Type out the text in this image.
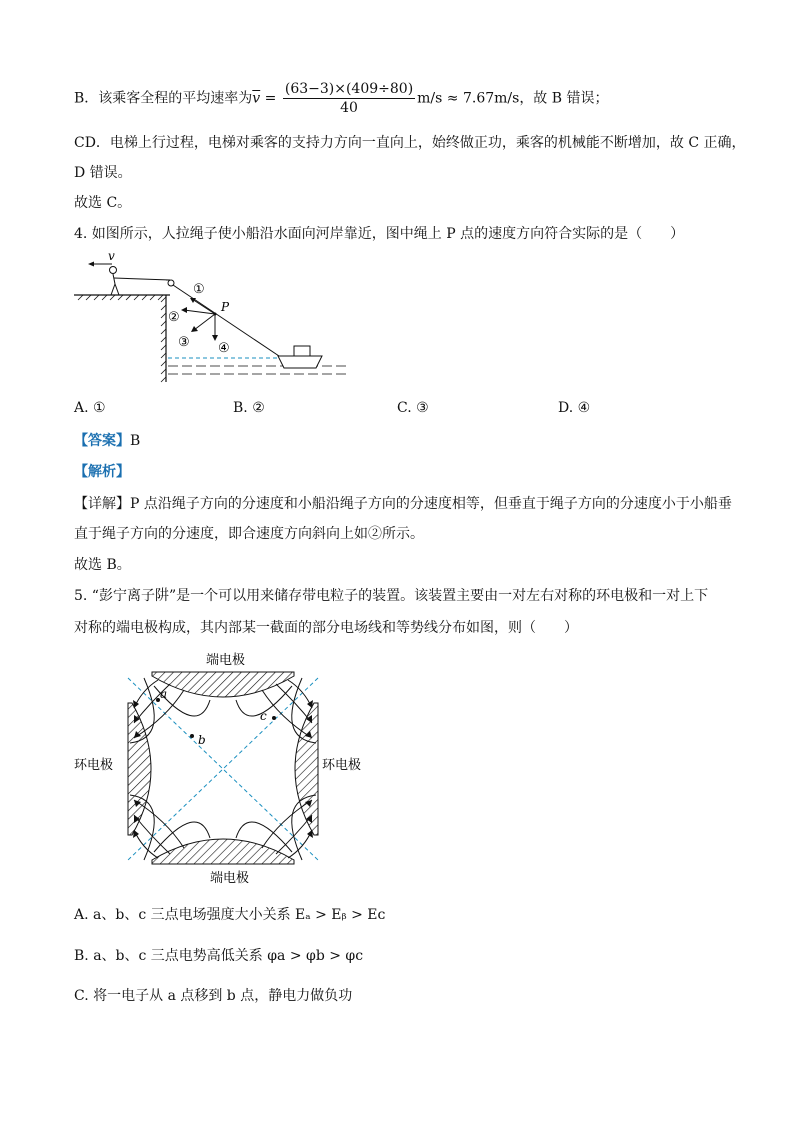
B．该乘客全程的平均速率为$\overline{v} = \frac{(63-3)\times(409\div 80)}{40} m/s \approx 7.67m/s$，故 B 错误；
CD．电梯上行过程，电梯对乘客的支持力方向一直向上，始终做正功，乘客的机械能不断增加，故 C 正确，
D 错误。
故选 C。
4. 如图所示，人拉绳子使小船沿水面向河岸靠近，图中绳上 P 点的速度方向符合实际的是（　　）
v
P
①
②
③ ④
A. ①	B. ②	C. ③	D. ④
【答案】B
【解析】
【详解】P 点沿绳子方向的分速度和小船沿绳子方向的分速度相等，但垂直于绳子方向的分速度小于小船垂
直于绳子方向的分速度，即合速度方向斜向上如②所示。
故选 B。
5. “彭宁离子阱”是一个可以用来储存带电粒子的装置。该装置主要由一对左右对称的环电极和一对上下
对称的端电极构成，其内部某一截面的部分电场线和等势线分布如图，则（　　）
a
b
c
端电极
端电极
环电极	环电极
A. a、b、c 三点电场强度大小关系 Eₐ > Eᵦ > Eᴄ
B. a、b、c 三点电势高低关系 φa > φb > φc
C. 将一电子从 a 点移到 b 点，静电力做负功
